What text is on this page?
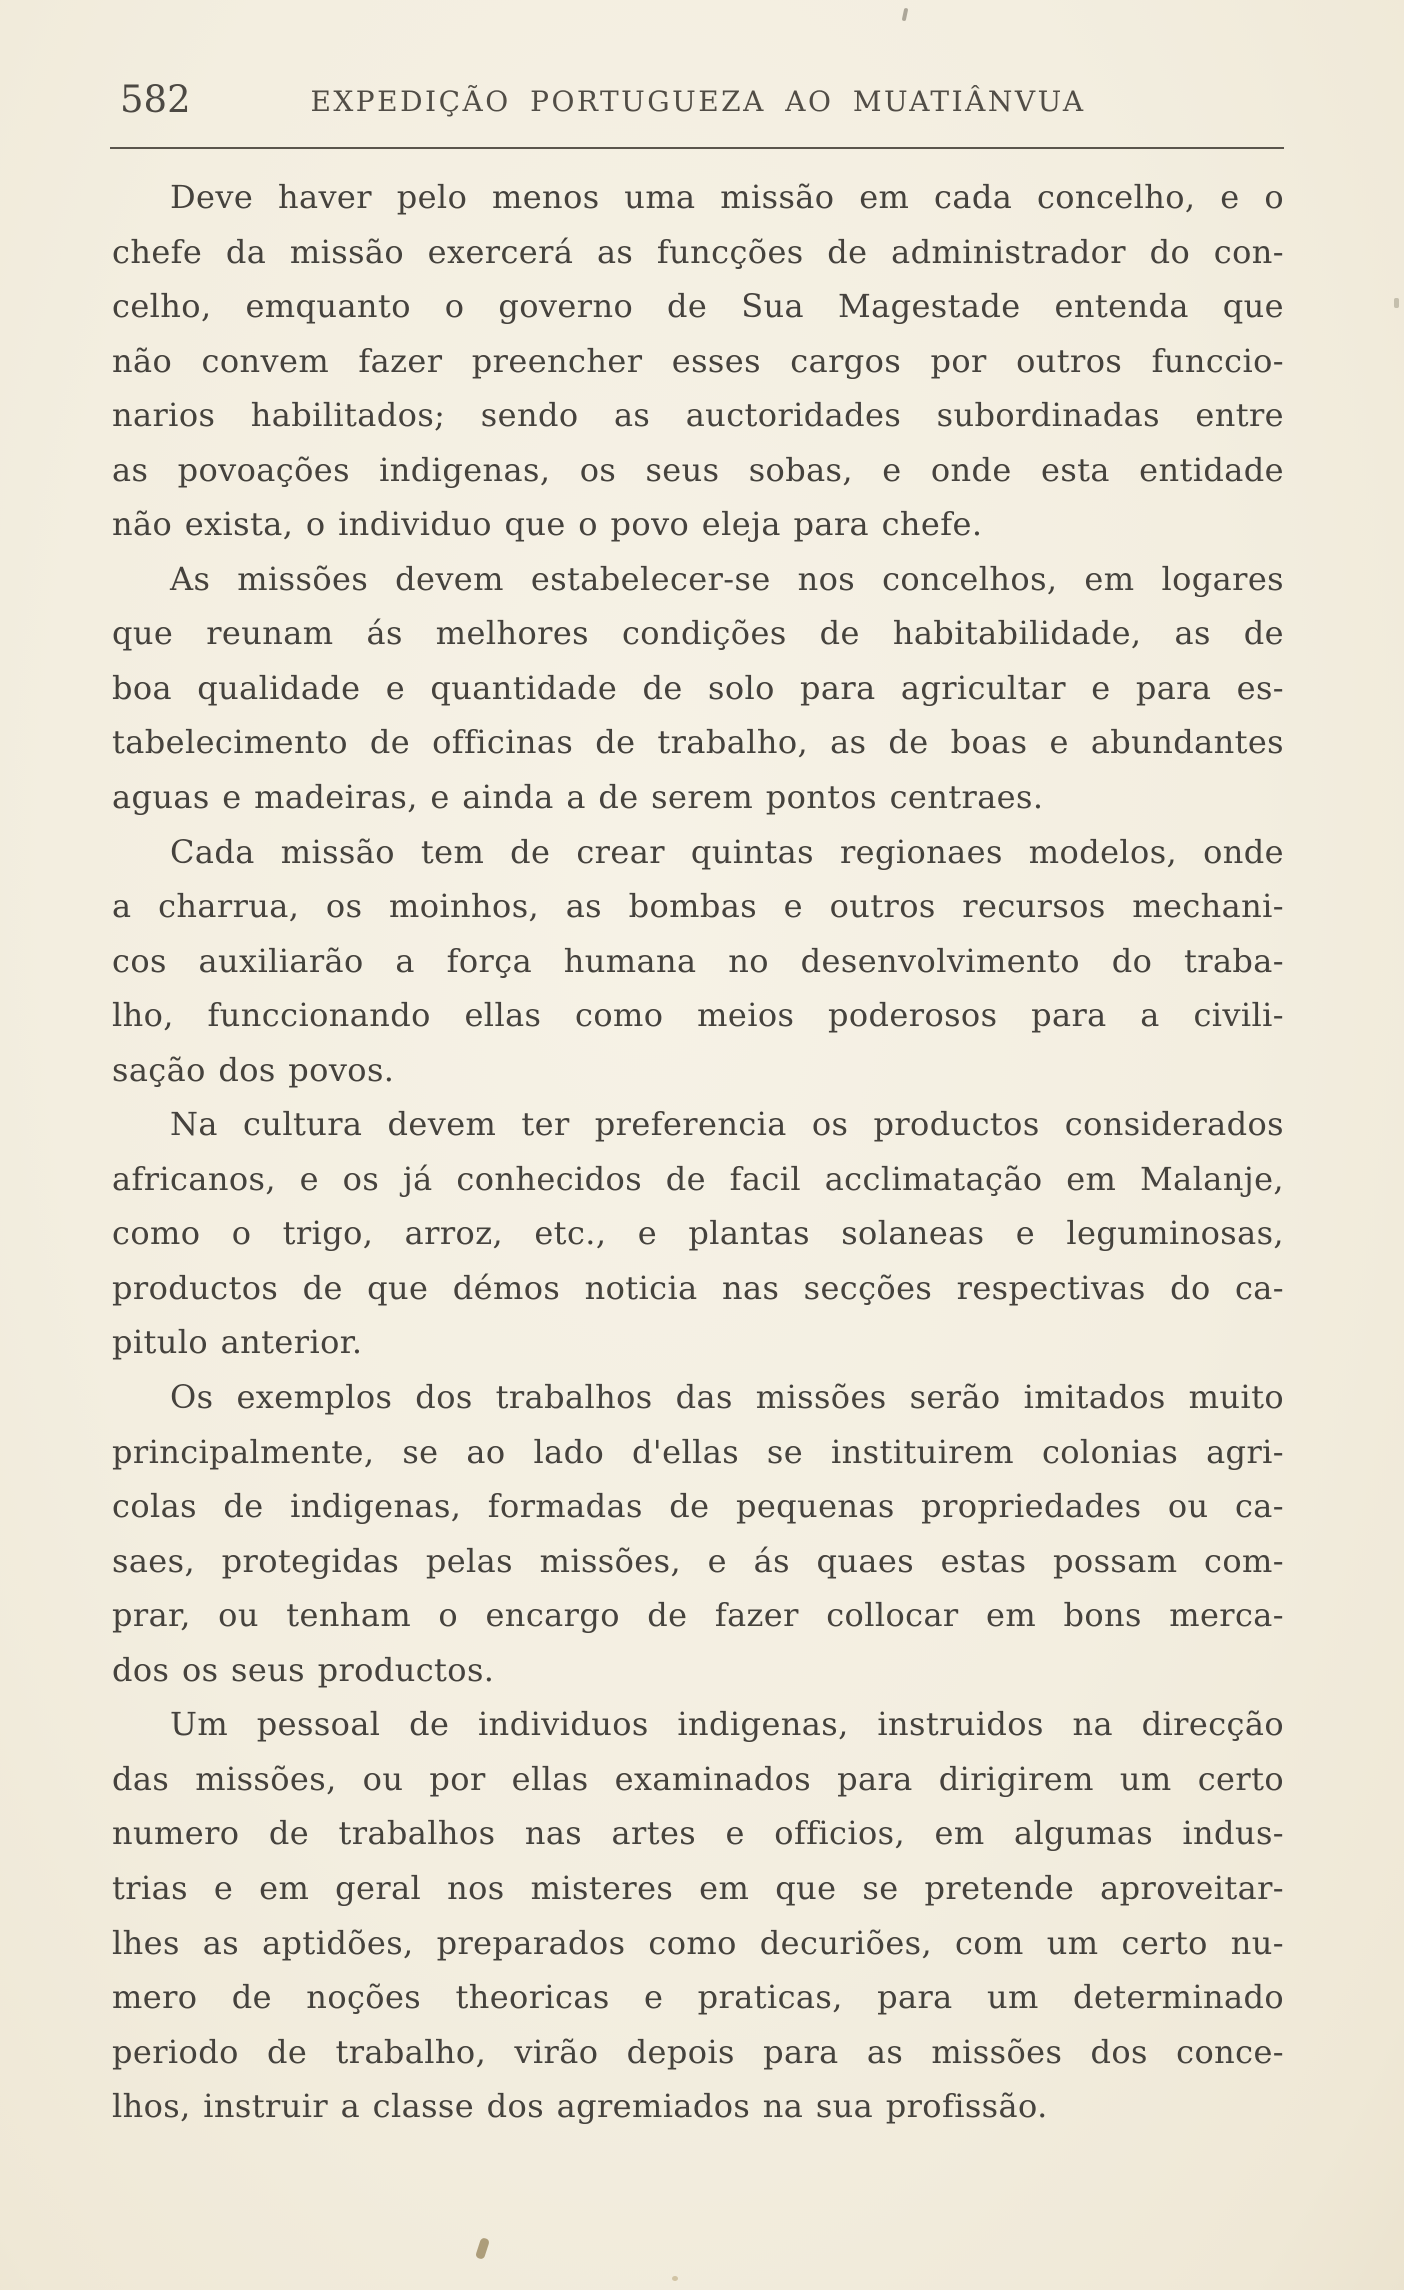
582	EXPEDIÇÃO PORTUGUEZA AO MUATIÂNVUA
Deve haver pelo menos uma missão em cada concelho, e o
chefe da missão exercerá as funcções de administrador do con-
celho, emquanto o governo de Sua Magestade entenda que
não convem fazer preencher esses cargos por outros funccio-
narios habilitados; sendo as auctoridades subordinadas entre
as povoações indigenas, os seus sobas, e onde esta entidade
não exista, o individuo que o povo eleja para chefe.
As missões devem estabelecer-se nos concelhos, em logares
que reunam ás melhores condições de habitabilidade, as de
boa qualidade e quantidade de solo para agricultar e para es-
tabelecimento de officinas de trabalho, as de boas e abundantes
aguas e madeiras, e ainda a de serem pontos centraes.
Cada missão tem de crear quintas regionaes modelos, onde
a charrua, os moinhos, as bombas e outros recursos mechani-
cos auxiliarão a força humana no desenvolvimento do traba-
lho, funccionando ellas como meios poderosos para a civili-
sação dos povos.
Na cultura devem ter preferencia os productos considerados
africanos, e os já conhecidos de facil acclimatação em Malanje,
como o trigo, arroz, etc., e plantas solaneas e leguminosas,
productos de que démos noticia nas secções respectivas do ca-
pitulo anterior.
Os exemplos dos trabalhos das missões serão imitados muito
principalmente, se ao lado d'ellas se instituirem colonias agri-
colas de indigenas, formadas de pequenas propriedades ou ca-
saes, protegidas pelas missões, e ás quaes estas possam com-
prar, ou tenham o encargo de fazer collocar em bons merca-
dos os seus productos.
Um pessoal de individuos indigenas, instruidos na direcção
das missões, ou por ellas examinados para dirigirem um certo
numero de trabalhos nas artes e officios, em algumas indus-
trias e em geral nos misteres em que se pretende aproveitar-
lhes as aptidões, preparados como decuriões, com um certo nu-
mero de noções theoricas e praticas, para um determinado
periodo de trabalho, virão depois para as missões dos conce-
lhos, instruir a classe dos agremiados na sua profissão.
